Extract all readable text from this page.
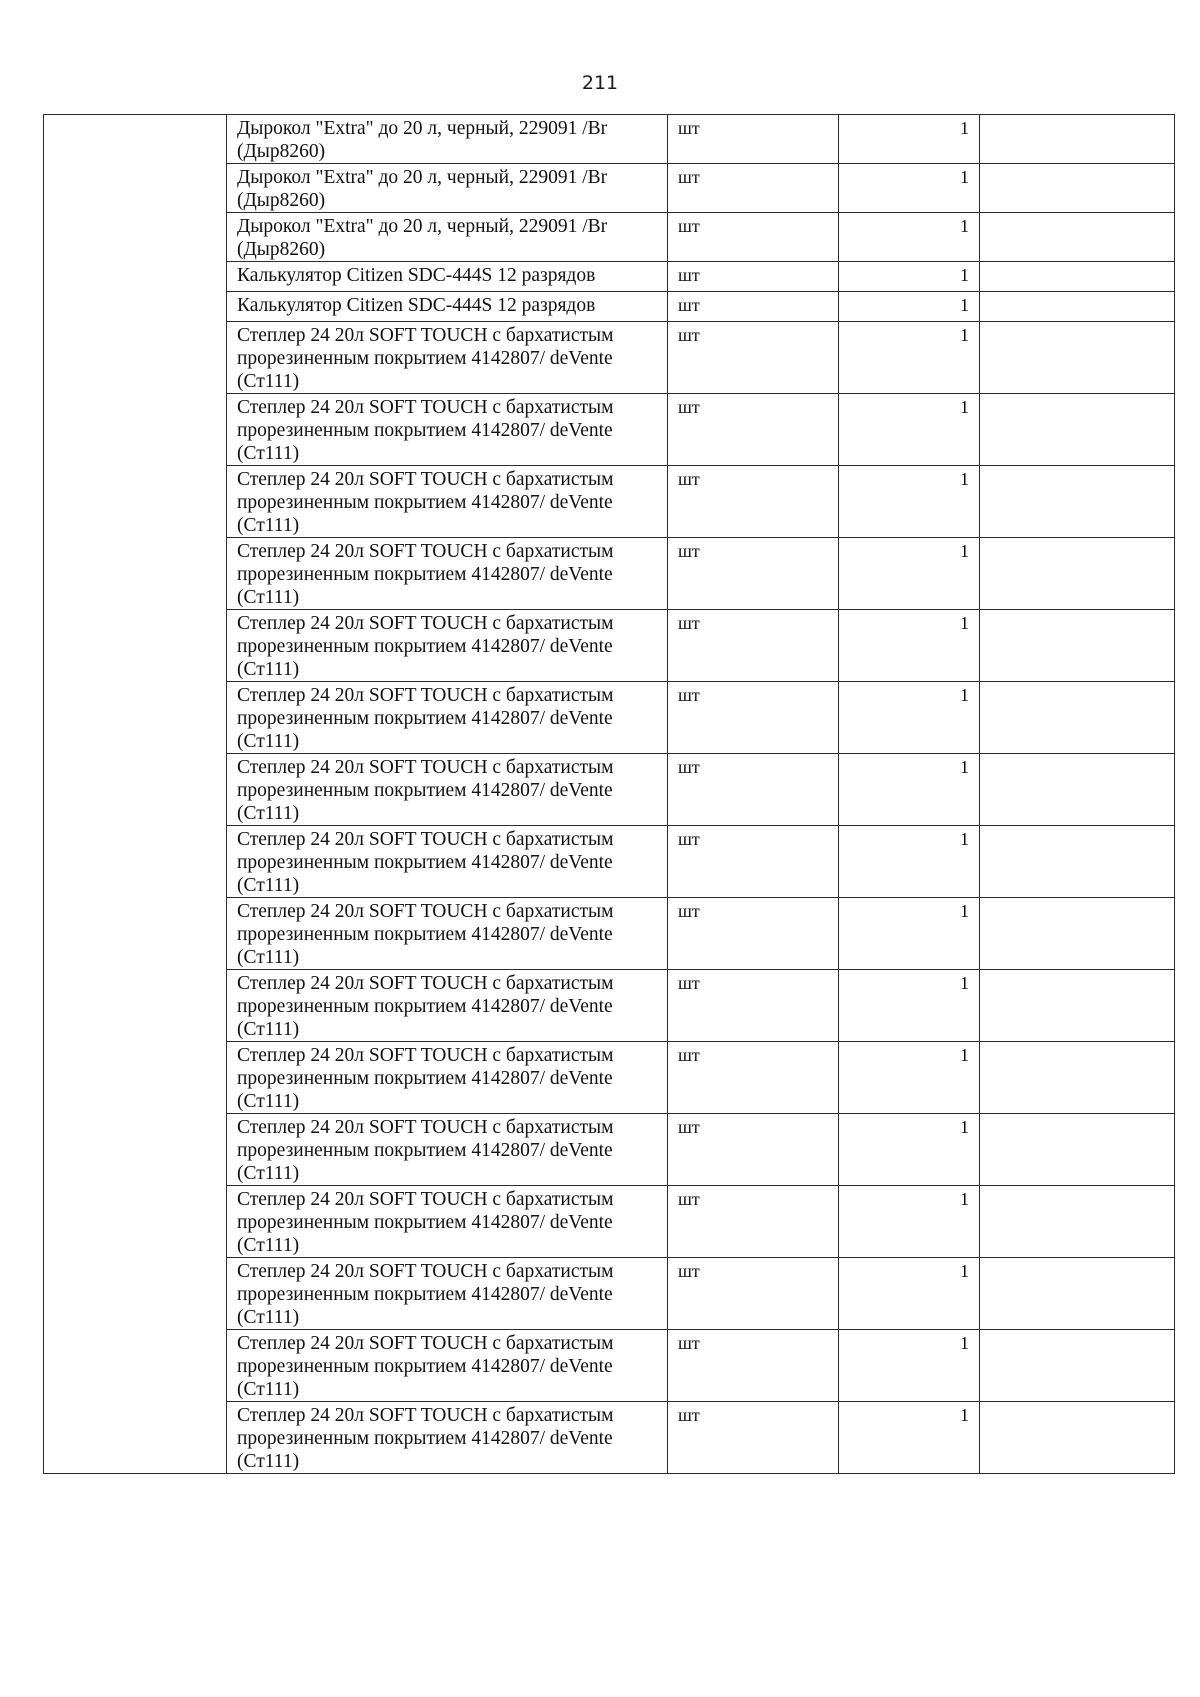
211

	Дырокол "Extra" до 20 л, черный, 229091 /Br
(Дыр8260)	шт	1	

	Дырокол "Extra" до 20 л, черный, 229091 /Br
(Дыр8260)	шт	1	

	Дырокол "Extra" до 20 л, черный, 229091 /Br
(Дыр8260)	шт	1	

	Калькулятор Citizen SDC-444S 12 разрядов	шт	1	

	Калькулятор Citizen SDC-444S 12 разрядов	шт	1	

	Степлер 24 20л SOFT TOUCH с бархатистым
прорезиненным покрытием 4142807/ deVente
(Ст111)	шт	1	

	Степлер 24 20л SOFT TOUCH с бархатистым
прорезиненным покрытием 4142807/ deVente
(Ст111)	шт	1	

	Степлер 24 20л SOFT TOUCH с бархатистым
прорезиненным покрытием 4142807/ deVente
(Ст111)	шт	1	

	Степлер 24 20л SOFT TOUCH с бархатистым
прорезиненным покрытием 4142807/ deVente
(Ст111)	шт	1	

	Степлер 24 20л SOFT TOUCH с бархатистым
прорезиненным покрытием 4142807/ deVente
(Ст111)	шт	1	

	Степлер 24 20л SOFT TOUCH с бархатистым
прорезиненным покрытием 4142807/ deVente
(Ст111)	шт	1	

	Степлер 24 20л SOFT TOUCH с бархатистым
прорезиненным покрытием 4142807/ deVente
(Ст111)	шт	1	

	Степлер 24 20л SOFT TOUCH с бархатистым
прорезиненным покрытием 4142807/ deVente
(Ст111)	шт	1	

	Степлер 24 20л SOFT TOUCH с бархатистым
прорезиненным покрытием 4142807/ deVente
(Ст111)	шт	1	

	Степлер 24 20л SOFT TOUCH с бархатистым
прорезиненным покрытием 4142807/ deVente
(Ст111)	шт	1	

	Степлер 24 20л SOFT TOUCH с бархатистым
прорезиненным покрытием 4142807/ deVente
(Ст111)	шт	1	

	Степлер 24 20л SOFT TOUCH с бархатистым
прорезиненным покрытием 4142807/ deVente
(Ст111)	шт	1	

	Степлер 24 20л SOFT TOUCH с бархатистым
прорезиненным покрытием 4142807/ deVente
(Ст111)	шт	1	

	Степлер 24 20л SOFT TOUCH с бархатистым
прорезиненным покрытием 4142807/ deVente
(Ст111)	шт	1	

	Степлер 24 20л SOFT TOUCH с бархатистым
прорезиненным покрытием 4142807/ deVente
(Ст111)	шт	1	

	Степлер 24 20л SOFT TOUCH с бархатистым
прорезиненным покрытием 4142807/ deVente
(Ст111)	шт	1	
